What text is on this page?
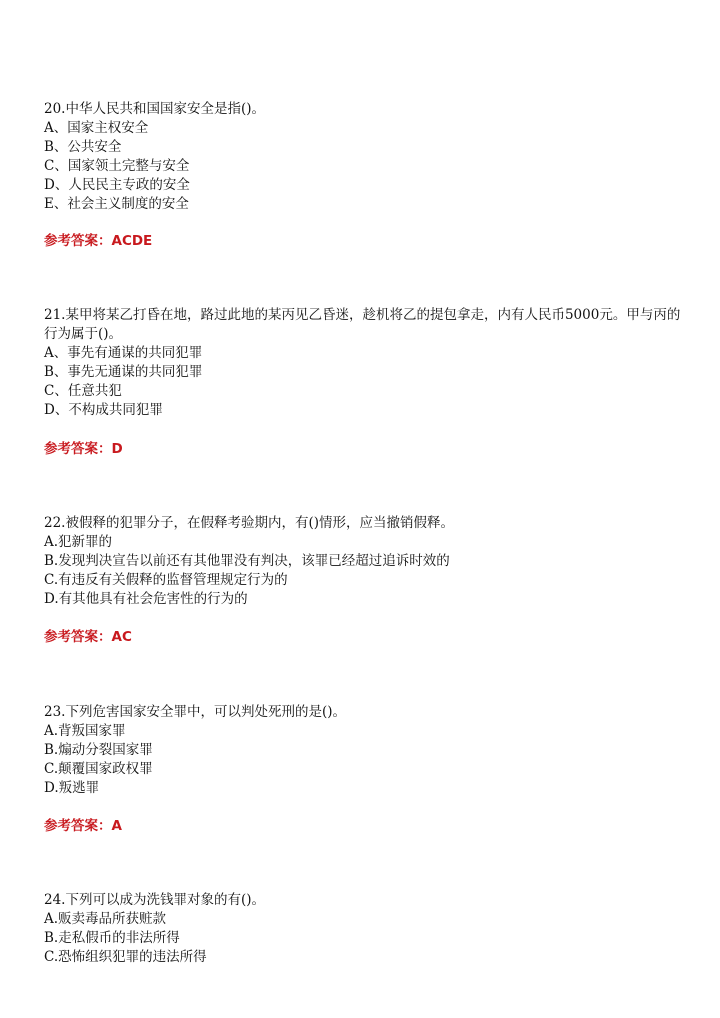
20.中华人民共和国国家安全是指()。

A、国家主权安全

B、公共安全

C、国家领土完整与安全

D、人民民主专政的安全

E、社会主义制度的安全

参考答案：ACDE

21.某甲将某乙打昏在地，路过此地的某丙见乙昏迷，趁机将乙的提包拿走，内有人民币5000元。甲与丙的行为属于()。

A、事先有通谋的共同犯罪

B、事先无通谋的共同犯罪

C、任意共犯

D、不构成共同犯罪

参考答案：D

22.被假释的犯罪分子，在假释考验期内，有()情形，应当撤销假释。

A.犯新罪的

B.发现判决宣告以前还有其他罪没有判决，该罪已经超过追诉时效的

C.有违反有关假释的监督管理规定行为的

D.有其他具有社会危害性的行为的

参考答案：AC

23.下列危害国家安全罪中，可以判处死刑的是()。

A.背叛国家罪

B.煽动分裂国家罪

C.颠覆国家政权罪

D.叛逃罪

参考答案：A

24.下列可以成为洗钱罪对象的有()。

A.贩卖毒品所获赃款

B.走私假币的非法所得

C.恐怖组织犯罪的违法所得
